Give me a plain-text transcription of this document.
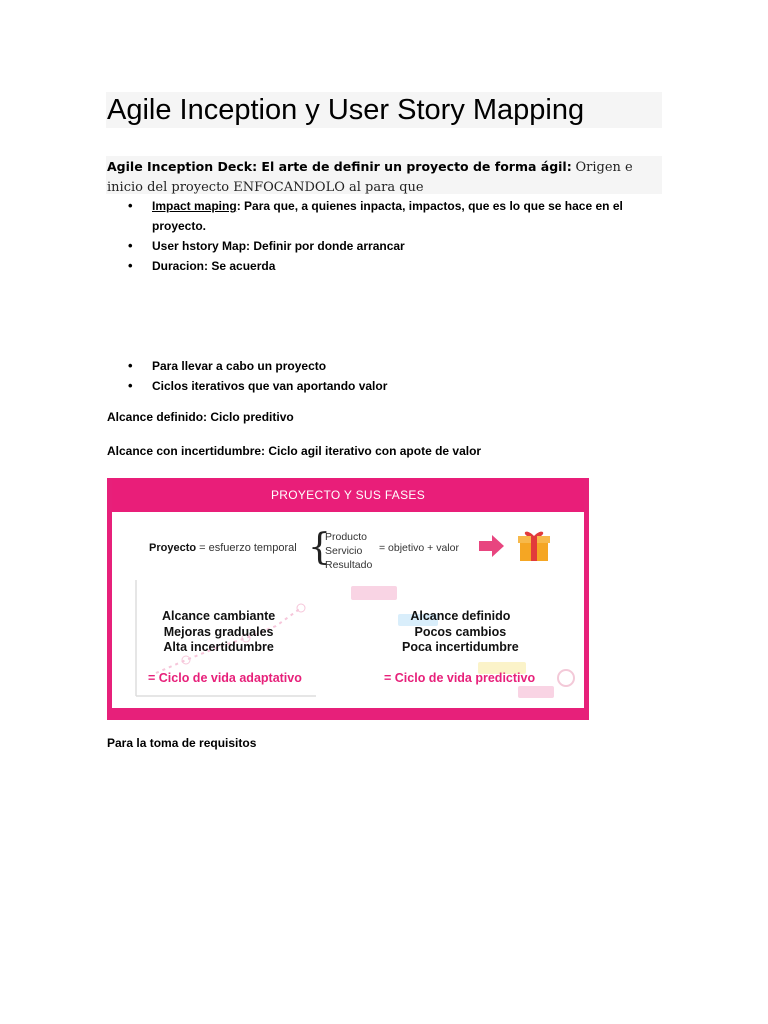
Agile Inception y User Story Mapping
Agile Inception Deck: El arte de definir un proyecto de forma ágil: Origen e inicio del proyecto ENFOCANDOLO al para que
• Impact maping: Para que, a quienes inpacta, impactos, que es lo que se hace en el proyecto.
• User hstory Map: Definir por donde arrancar
• Duracion: Se acuerda
• Para llevar a cabo un proyecto
• Ciclos iterativos que van aportando valor
Alcance definido: Ciclo preditivo
Alcance con incertidumbre: Ciclo agil iterativo con apote de valor
PROYECTO Y SUS FASES
Proyecto = esfuerzo temporal {
Producto
Servicio
Resultado
= objetivo + valor
Alcance cambiante
Mejoras graduales
Alta incertidumbre
Alcance definido
Pocos cambios
Poca incertidumbre
= Ciclo de vida adaptativo	= Ciclo de vida predictivo
Para la toma de requisitos
